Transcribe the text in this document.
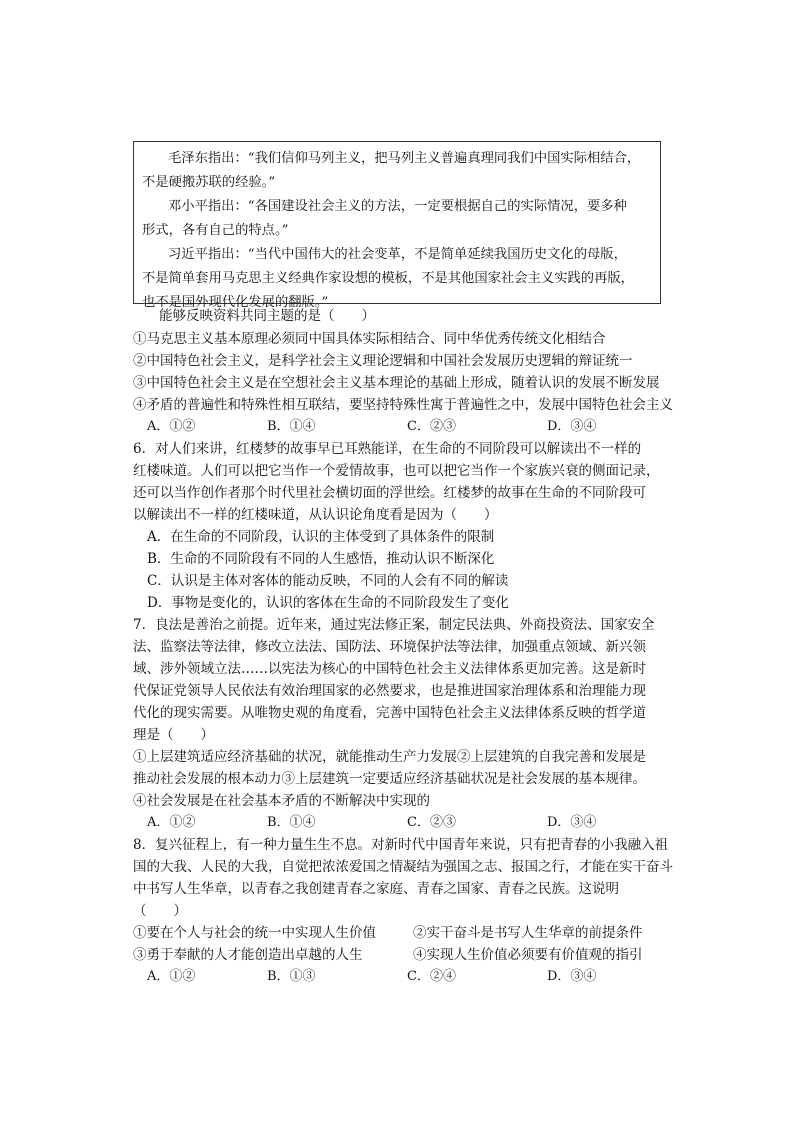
毛泽东指出：“我们信仰马列主义，把马列主义普遍真理同我们中国实际相结合，

不是硬搬苏联的经验。”

邓小平指出：“各国建设社会主义的方法，一定要根据自己的实际情况，要多种

形式，各有自己的特点。”

习近平指出：“当代中国伟大的社会变革，不是简单延续我国历史文化的母版，

不是简单套用马克思主义经典作家设想的模板，不是其他国家社会主义实践的再版，

也不是国外现代化发展的翻版。”

能够反映资料共同主题的是（　　）
①马克思主义基本原理必须同中国具体实际相结合、同中华优秀传统文化相结合
②中国特色社会主义，是科学社会主义理论逻辑和中国社会发展历史逻辑的辩证统一
③中国特色社会主义是在空想社会主义基本理论的基础上形成，随着认识的发展不断发展
④矛盾的普遍性和特殊性相互联结，要坚持特殊性寓于普遍性之中，发展中国特色社会主义
A．①②	B．①④	C．②③	D．③④
6．对人们来讲，红楼梦的故事早已耳熟能详，在生命的不同阶段可以解读出不一样的
红楼味道。人们可以把它当作一个爱情故事，也可以把它当作一个家族兴衰的侧面记录，
还可以当作创作者那个时代里社会横切面的浮世绘。红楼梦的故事在生命的不同阶段可
以解读出不一样的红楼味道，从认识论角度看是因为（　　）
A．在生命的不同阶段，认识的主体受到了具体条件的限制
B．生命的不同阶段有不同的人生感悟，推动认识不断深化
C．认识是主体对客体的能动反映，不同的人会有不同的解读
D．事物是变化的，认识的客体在生命的不同阶段发生了变化
7．良法是善治之前提。近年来，通过宪法修正案，制定民法典、外商投资法、国家安全
法、监察法等法律，修改立法法、国防法、环境保护法等法律，加强重点领域、新兴领
域、涉外领域立法……以宪法为核心的中国特色社会主义法律体系更加完善。这是新时
代保证党领导人民依法有效治理国家的必然要求，也是推进国家治理体系和治理能力现
代化的现实需要。从唯物史观的角度看，完善中国特色社会主义法律体系反映的哲学道
理是（　　）
①上层建筑适应经济基础的状况，就能推动生产力发展②上层建筑的自我完善和发展是
推动社会发展的根本动力③上层建筑一定要适应经济基础状况是社会发展的基本规律。
④社会发展是在社会基本矛盾的不断解决中实现的
A．①②	B．①④	C．②③	D．③④
8．复兴征程上，有一种力量生生不息。对新时代中国青年来说，只有把青春的小我融入祖
国的大我、人民的大我，自觉把浓浓爱国之情凝结为强国之志、报国之行，才能在实干奋斗
中书写人生华章，以青春之我创建青春之家庭、青春之国家、青春之民族。这说明
（　　）
①要在个人与社会的统一中实现人生价值	②实干奋斗是书写人生华章的前提条件
③勇于奉献的人才能创造出卓越的人生	④实现人生价值必须要有价值观的指引
A．①②	B．①③	C．②④	D．③④
